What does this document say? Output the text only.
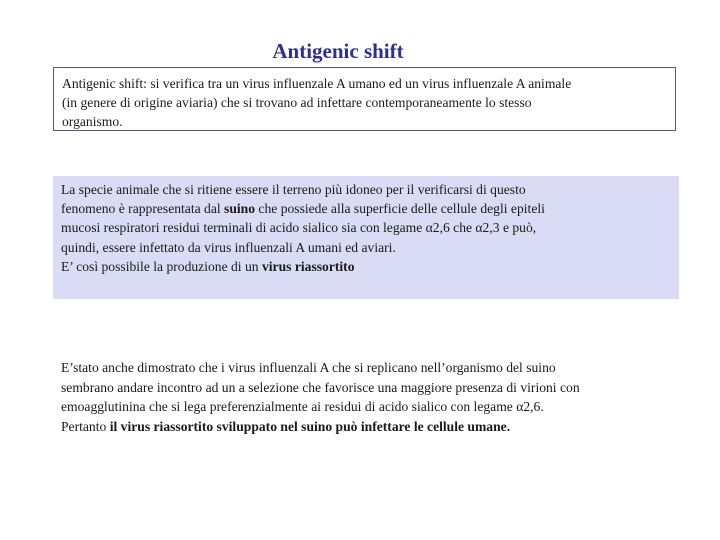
Antigenic shift
Antigenic shift: si verifica tra un virus influenzale A umano ed un virus influenzale A animale
(in genere di origine aviaria) che si trovano ad infettare contemporaneamente lo stesso
organismo.
La specie animale che si ritiene essere il terreno più idoneo per il verificarsi di questo
fenomeno è rappresentata dal suino che possiede alla superficie delle cellule degli epiteli
mucosi respiratori residui terminali di acido sialico sia con legame α2,6 che α2,3 e può,
quindi, essere infettato da virus influenzali A umani ed aviari.
E’ così possibile la produzione di un virus riassortito
E’stato anche dimostrato che i virus influenzali A che si replicano nell’organismo del suino
sembrano andare incontro ad un a selezione che favorisce una maggiore presenza di virioni con
emoagglutinina che si lega preferenzialmente ai residui di acido sialico con legame α2,6.
Pertanto il virus riassortito sviluppato nel suino può infettare le cellule umane.
